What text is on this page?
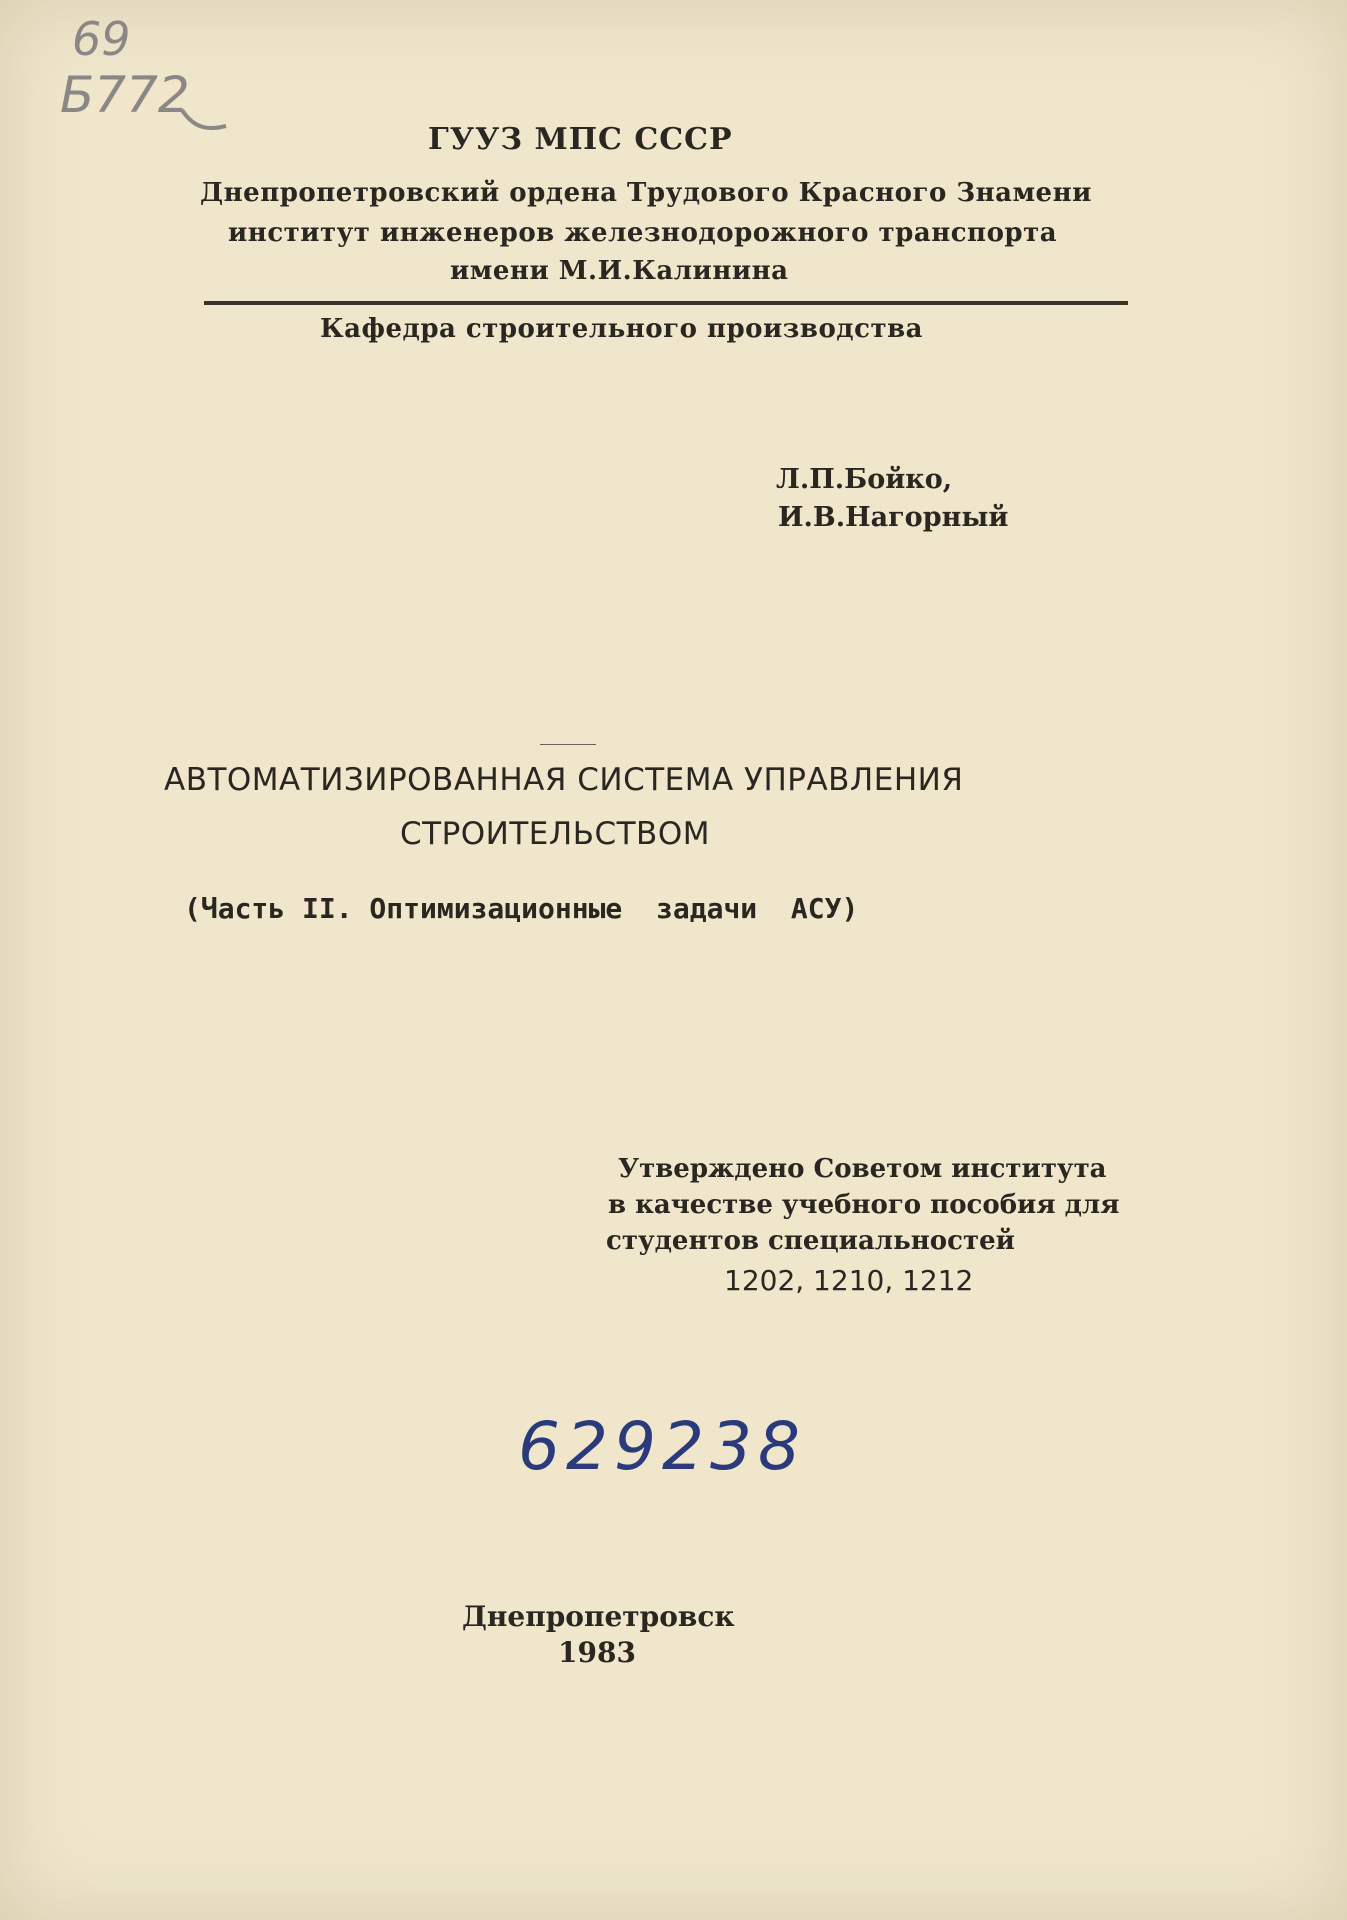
69
Б772
ГУУЗ МПС СССР
Днепропетровский ордена Трудового Красного Знамени
институт инженеров железнодорожного транспорта
имени М.И.Калинина
Кафедра строительного производства
Л.П.Бойко,
И.В.Нагорный
АВТОМАТИЗИРОВАННАЯ СИСТЕМА УПРАВЛЕНИЯ
СТРОИТЕЛЬСТВОМ
(Часть II. Оптимизационные  задачи  АСУ)
Утверждено Советом института
в качестве учебного пособия для
студентов специальностей
1202, 1210, 1212
629238
Днепропетровск
1983
